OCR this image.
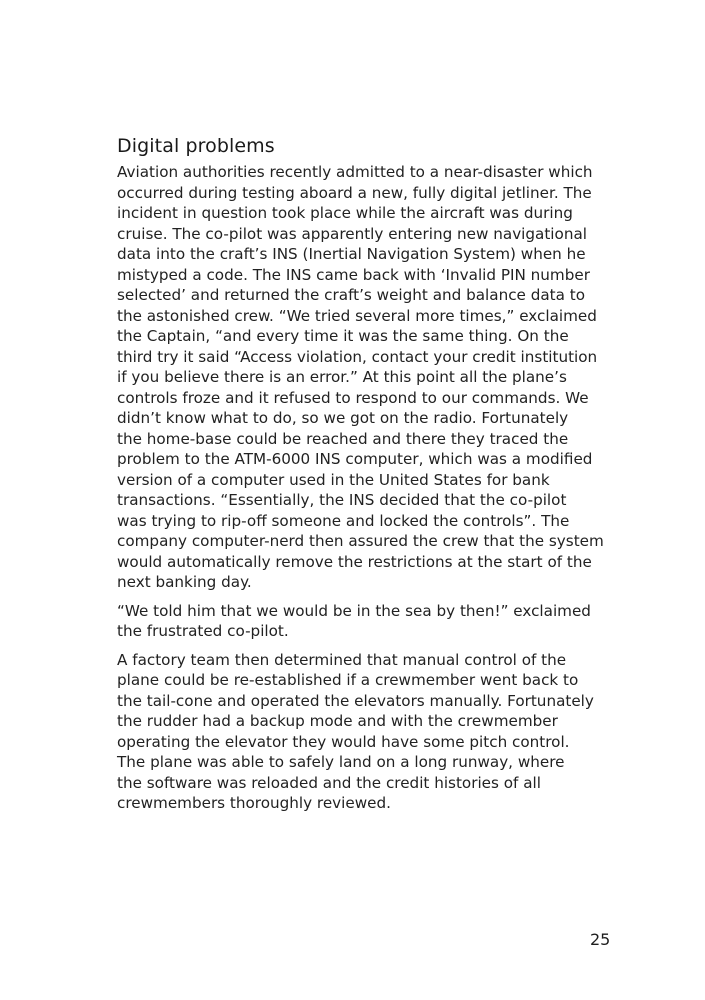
Digital problems

Aviation authorities recently admitted to a near-disaster which
occurred during testing aboard a new, fully digital jetliner. The
incident in question took place while the aircraft was during
cruise. The co-pilot was apparently entering new navigational
data into the craft’s INS (Inertial Navigation System) when he
mistyped a code. The INS came back with ‘Invalid PIN number
selected’ and returned the craft’s weight and balance data to
the astonished crew. “We tried several more times,” exclaimed
the Captain, “and every time it was the same thing. On the
third try it said “Access violation, contact your credit institution
if you believe there is an error.” At this point all the plane’s
controls froze and it refused to respond to our commands. We
didn’t know what to do, so we got on the radio. Fortunately
the home-base could be reached and there they traced the
problem to the ATM-6000 INS computer, which was a modified
version of a computer used in the United States for bank
transactions. “Essentially, the INS decided that the co-pilot
was trying to rip-off someone and locked the controls”. The
company computer-nerd then assured the crew that the system
would automatically remove the restrictions at the start of the
next banking day.

“We told him that we would be in the sea by then!” exclaimed
the frustrated co-pilot.

A factory team then determined that manual control of the
plane could be re-established if a crewmember went back to
the tail-cone and operated the elevators manually. Fortunately
the rudder had a backup mode and with the crewmember
operating the elevator they would have some pitch control.
The plane was able to safely land on a long runway, where
the software was reloaded and the credit histories of all
crewmembers thoroughly reviewed.

25
